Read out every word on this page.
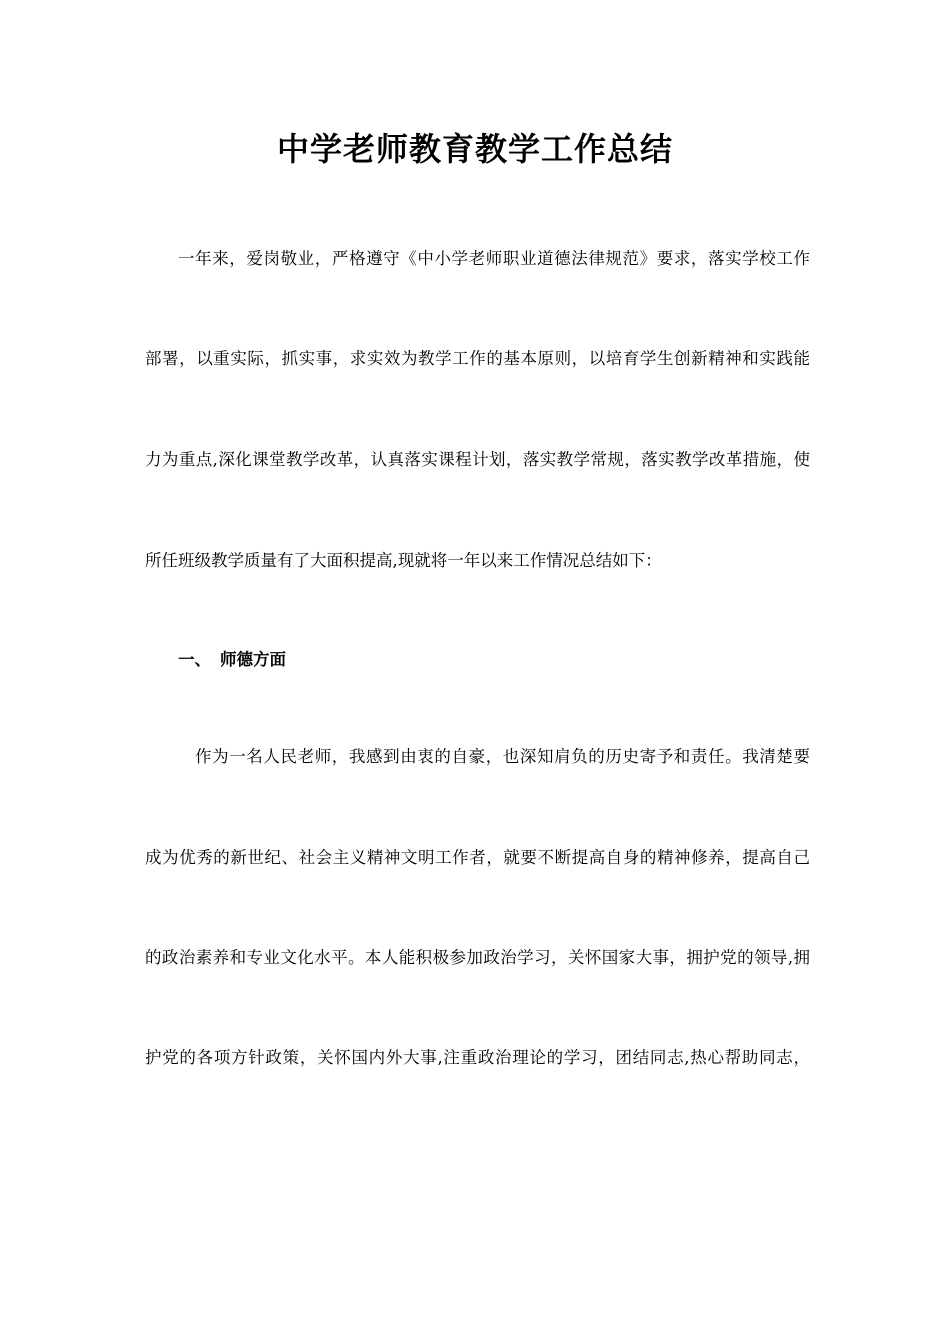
中学老师教育教学工作总结
一年来，爱岗敬业，严格遵守《中小学老师职业道德法律规范》要求，落实学校工作
部署，以重实际，抓实事，求实效为教学工作的基本原则，以培育学生创新精神和实践能
力为重点,深化课堂教学改革，认真落实课程计划，落实教学常规，落实教学改革措施，使
所任班级教学质量有了大面积提高,现就将一年以来工作情况总结如下：
一、 师德方面
作为一名人民老师，我感到由衷的自豪，也深知肩负的历史寄予和责任。我清楚要
成为优秀的新世纪、社会主义精神文明工作者，就要不断提高自身的精神修养，提高自己
的政治素养和专业文化水平。本人能积极参加政治学习，关怀国家大事，拥护党的领导,拥
护党的各项方针政策，关怀国内外大事,注重政治理论的学习，团结同志,热心帮助同志，
